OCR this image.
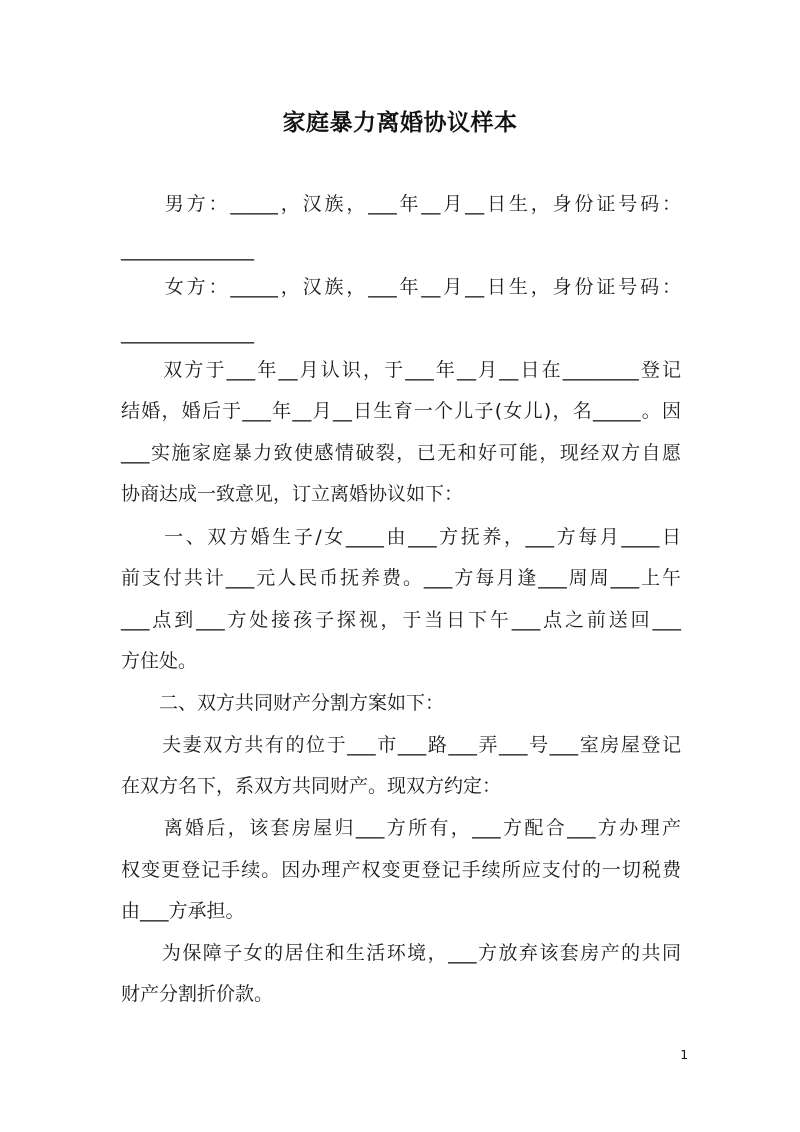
家庭暴力离婚协议样本
　　男方：_____，汉族，___年__月__日生，身份证号码：
______________
　　女方：_____，汉族，___年__月__日生，身份证号码：
______________
　　双方于___年__月认识，于___年__月__日在________登记
结婚，婚后于___年__月__日生育一个儿子(女儿)，名_____。因
___实施家庭暴力致使感情破裂，已无和好可能，现经双方自愿
协商达成一致意见，订立离婚协议如下：
　　一、双方婚生子/女____由___方抚养，___方每月____日
前支付共计___元人民币抚养费。___方每月逢___周周___上午
___点到___方处接孩子探视，于当日下午___点之前送回___
方住处。
　　二、双方共同财产分割方案如下：
　　夫妻双方共有的位于___市___路___弄___号___室房屋登记
在双方名下，系双方共同财产。现双方约定：
　　离婚后，该套房屋归___方所有，___方配合___方办理产
权变更登记手续。因办理产权变更登记手续所应支付的一切税费
由___方承担。
　　为保障子女的居住和生活环境，___方放弃该套房产的共同
财产分割折价款。
1
